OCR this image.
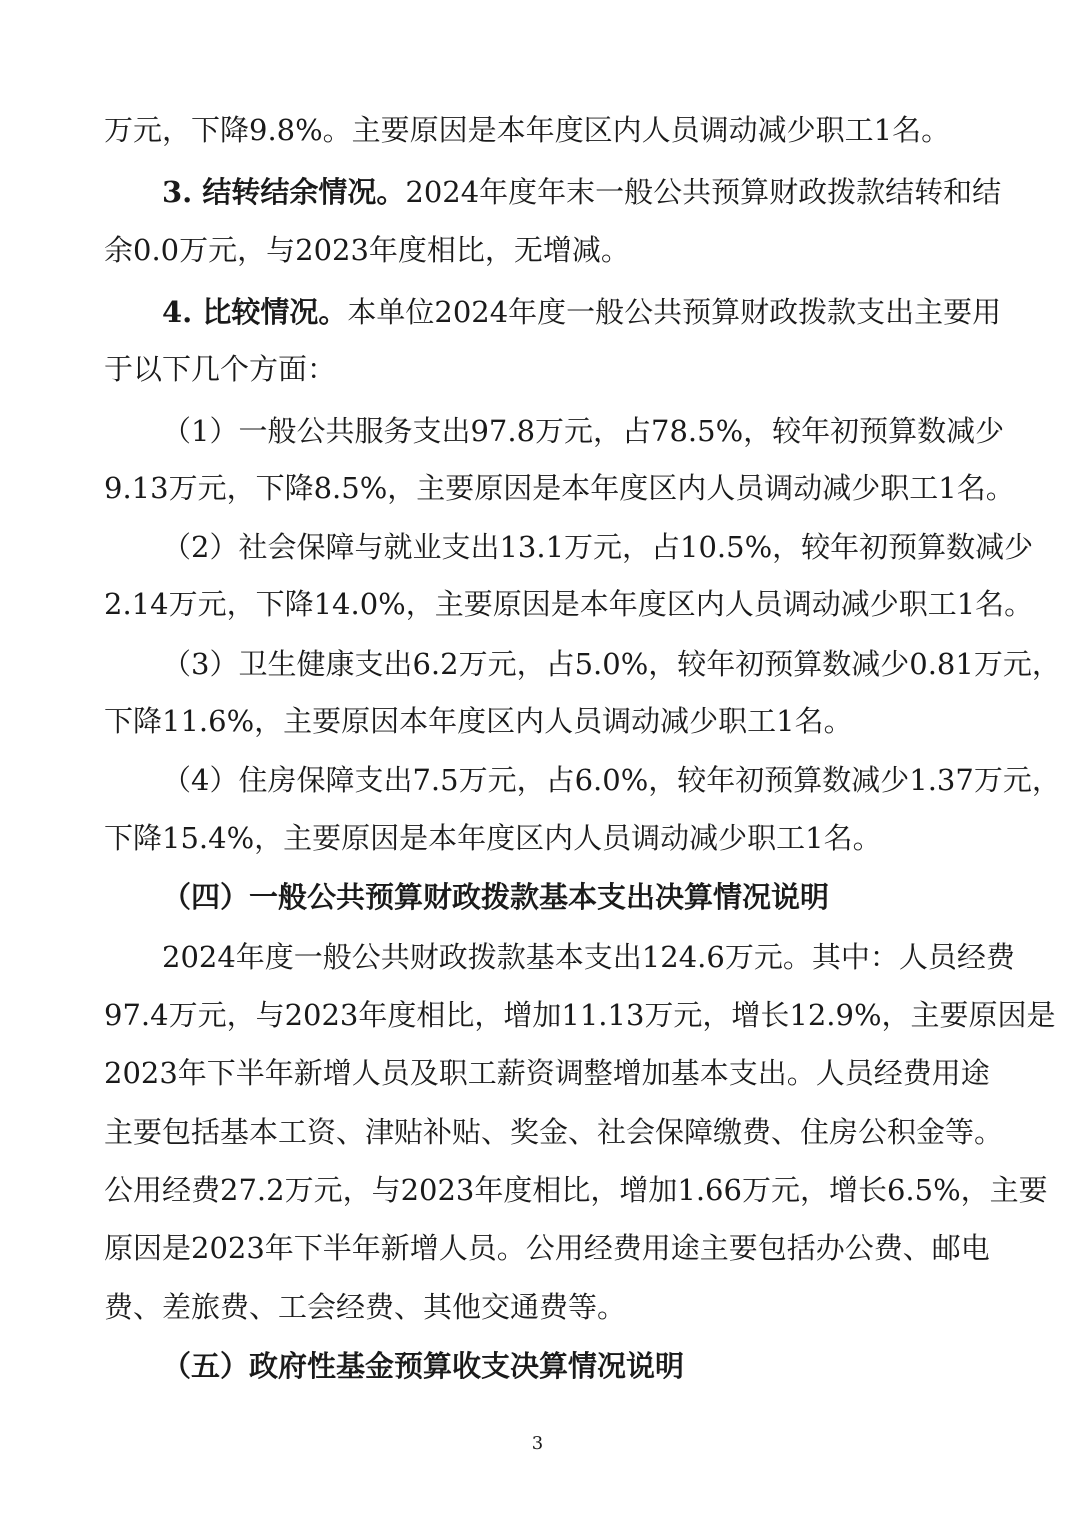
万元，下降9.8%。主要原因是本年度区内人员调动减少职工1名。
3. 结转结余情况。2024年度年末一般公共预算财政拨款结转和结
余0.0万元，与2023年度相比，无增减。
4. 比较情况。本单位2024年度一般公共预算财政拨款支出主要用
于以下几个方面：
（1）一般公共服务支出97.8万元，占78.5%，较年初预算数减少
9.13万元，下降8.5%，主要原因是本年度区内人员调动减少职工1名。
（2）社会保障与就业支出13.1万元，占10.5%，较年初预算数减少
2.14万元，下降14.0%，主要原因是本年度区内人员调动减少职工1名。
（3）卫生健康支出6.2万元，占5.0%，较年初预算数减少0.81万元，
下降11.6%，主要原因本年度区内人员调动减少职工1名。
（4）住房保障支出7.5万元，占6.0%，较年初预算数减少1.37万元，
下降15.4%，主要原因是本年度区内人员调动减少职工1名。
（四）一般公共预算财政拨款基本支出决算情况说明
2024年度一般公共财政拨款基本支出124.6万元。其中：人员经费
97.4万元，与2023年度相比，增加11.13万元，增长12.9%，主要原因是
2023年下半年新增人员及职工薪资调整增加基本支出。人员经费用途
主要包括基本工资、津贴补贴、奖金、社会保障缴费、住房公积金等。
公用经费27.2万元，与2023年度相比，增加1.66万元，增长6.5%，主要
原因是2023年下半年新增人员。公用经费用途主要包括办公费、邮电
费、差旅费、工会经费、其他交通费等。
（五）政府性基金预算收支决算情况说明
3
